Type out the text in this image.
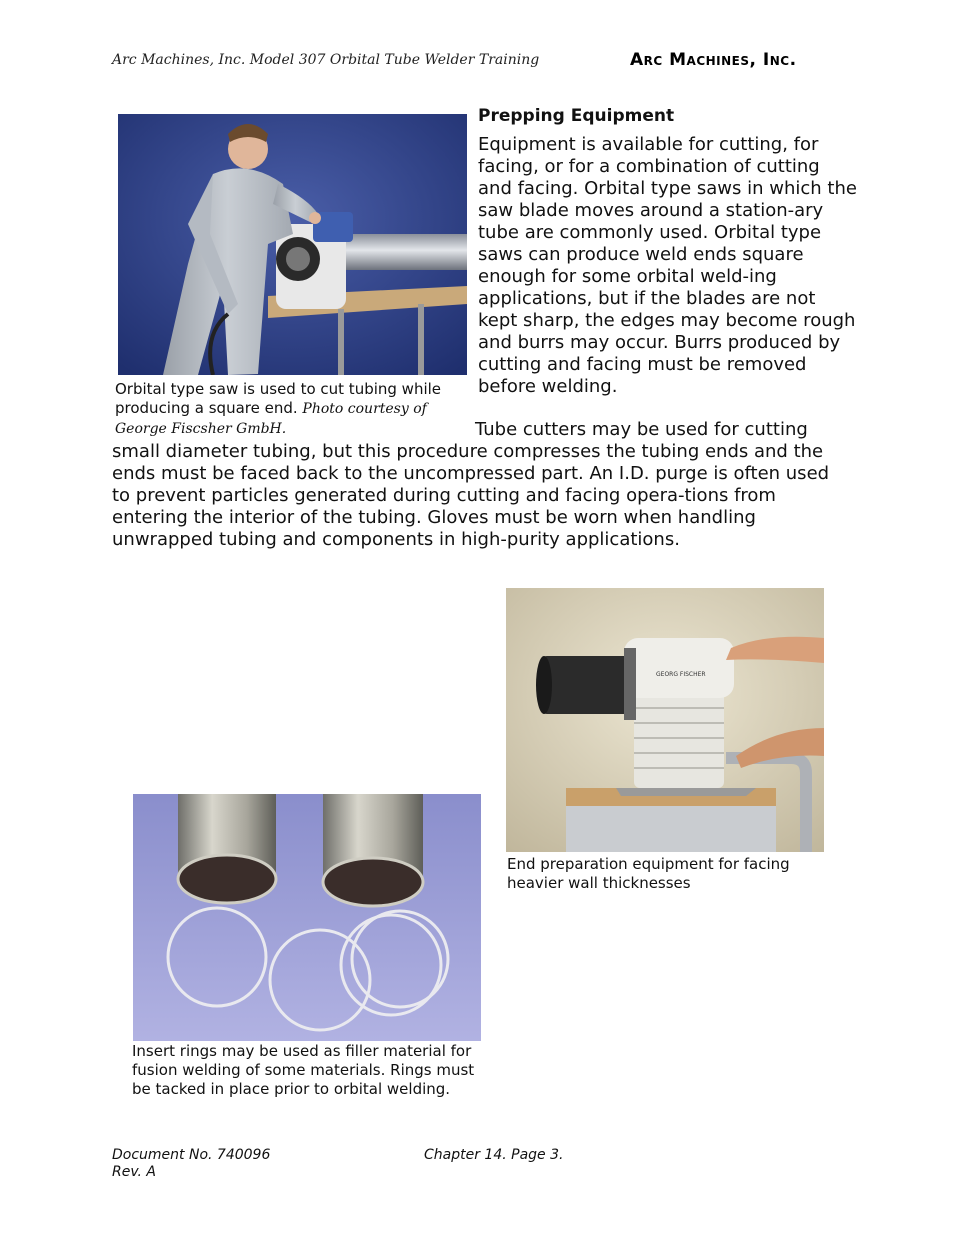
Arc Machines, Inc. Model 307 Orbital Tube Welder Training	Arc Machines, Inc.
Orbital type saw is used to cut tubing while producing a square end. Photo courtesy of George Fiscsher GmbH.
Prepping Equipment
Equipment is available for cutting, for facing, or for a combination of cutting and facing. Orbital type saws in which the saw blade moves around a station-ary tube are commonly used. Orbital type saws can produce weld ends square enough for some orbital weld-ing applications, but if the blades are not kept sharp, the edges may become rough and burrs may occur. Burrs produced by cutting and facing must be removed before welding.
Tube cutters may be used for cutting
small diameter tubing, but this procedure compresses the tubing ends and the ends must be faced back to the uncompressed part. An I.D. purge is often used to prevent particles generated during cutting and facing opera-tions from entering the interior of the tubing. Gloves must be worn when handling unwrapped tubing and components in high-purity applications.
GEORG FISCHER
End preparation equipment for facing heavier wall thicknesses
Insert rings may be used as filler material for fusion welding of some materials. Rings must be tacked in place prior to orbital welding.
Document No. 740096
Rev. A
Chapter 14. Page 3.
